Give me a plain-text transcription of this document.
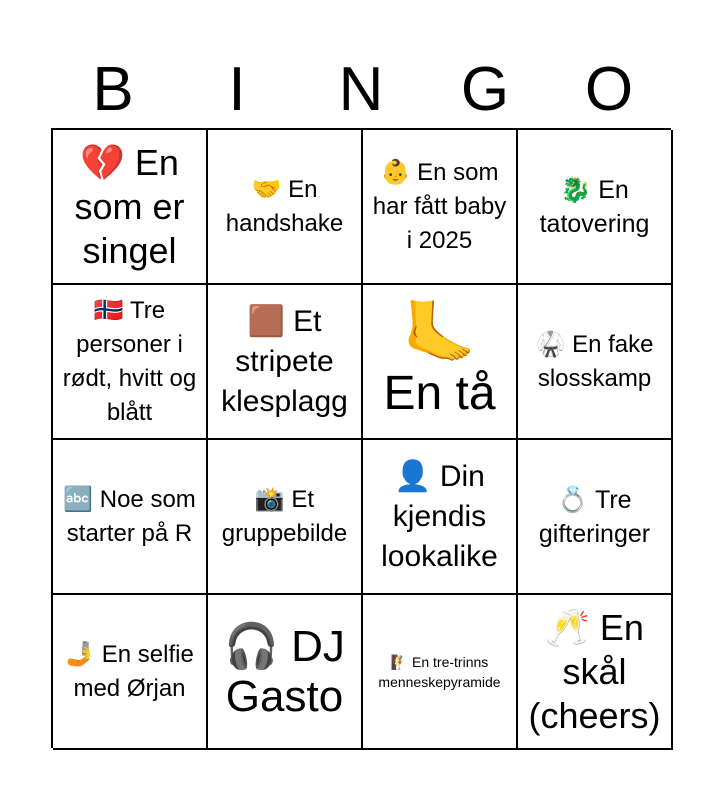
B	I	N	G	O
💔 En som er singel
🤝 En handshake
👶 En som har fått baby i 2025
🐉 En tatovering
🇳🇴 Tre personer i rødt, hvitt og blått
🟫 Et stripete klesplagg
🦶
En tå
🥋 En fake slosskamp
🔤 Noe som starter på R
📸 Et gruppebilde
👤 Din kjendis lookalike
💍 Tre gifteringer
🤳 En selfie med Ørjan
🎧 DJ Gasto
🧗 En tre-trinns menneskepyramide
🥂 En skål (cheers)
